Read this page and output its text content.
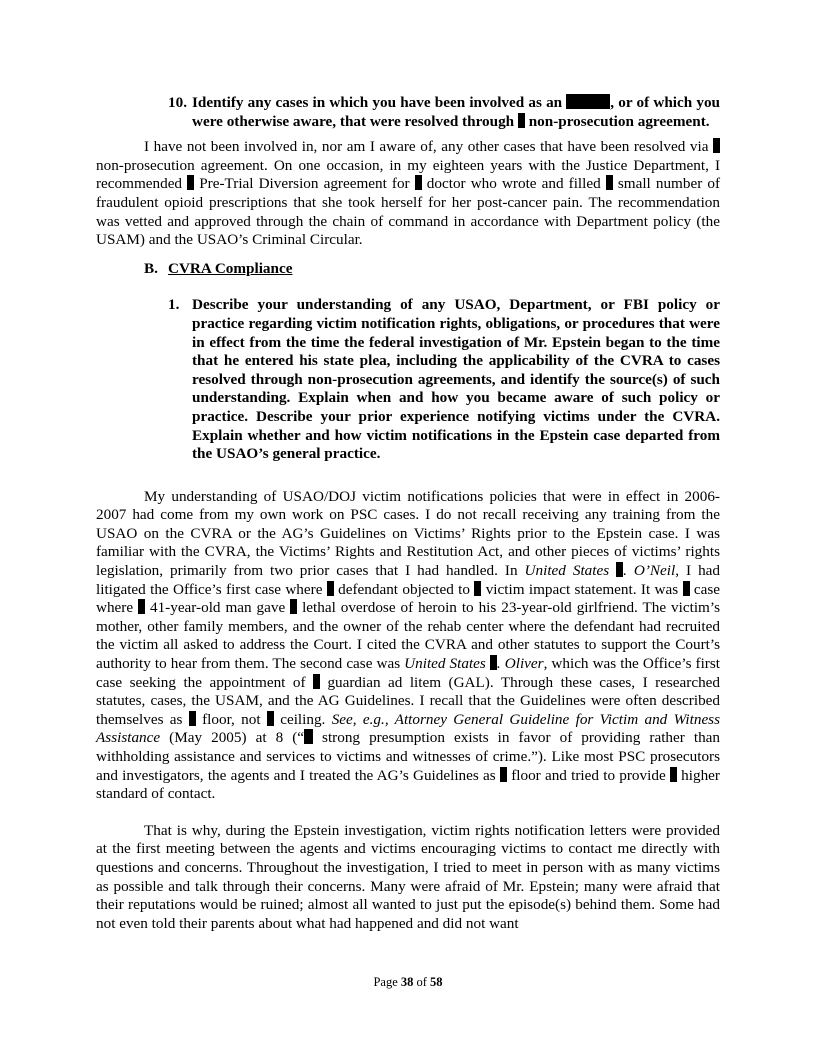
10. Identify any cases in which you have been involved as an	, or of which you were otherwise aware, that were resolved through  non-prosecution agreement.

I have not been involved in, nor am I aware of, any other cases that have been resolved via  non-prosecution agreement. On one occasion, in my eighteen years with the Justice Department, I recommended  Pre-Trial Diversion agreement for  doctor who wrote and filled  small number of fraudulent opioid prescriptions that she took herself for her post-cancer pain. The recommendation was vetted and approved through the chain of command in accordance with Department policy (the USAM) and the USAO’s Criminal Circular.

B. CVRA Compliance
1. Describe your understanding of any USAO, Department, or FBI policy or practice regarding victim notification rights, obligations, or procedures that were in effect from the time the federal investigation of Mr. Epstein began to the time that he entered his state plea, including the applicability of the CVRA to cases resolved through non-prosecution agreements, and identify the source(s) of such understanding. Explain when and how you became aware of such policy or practice. Describe your prior experience notifying victims under the CVRA. Explain whether and how victim notifications in the Epstein case departed from the USAO’s general practice.

My understanding of USAO/DOJ victim notifications policies that were in effect in 2006-2007 had come from my own work on PSC cases. I do not recall receiving any training from the USAO on the CVRA or the AG’s Guidelines on Victims’ Rights prior to the Epstein case. I was familiar with the CVRA, the Victims’ Rights and Restitution Act, and other pieces of victims’ rights legislation, primarily from two prior cases that I had handled. In United States . O’Neil, I had litigated the Office’s first case where  defendant objected to  victim impact statement. It was  case where  41-year-old man gave  lethal overdose of heroin to his 23-year-old girlfriend. The victim’s mother, other family members, and the owner of the rehab center where the defendant had recruited the victim all asked to address the Court. I cited the CVRA and other statutes to support the Court’s authority to hear from them. The second case was United States . Oliver, which was the Office’s first case seeking the appointment of  guardian ad litem (GAL). Through these cases, I researched statutes, cases, the USAM, and the AG Guidelines. I recall that the Guidelines were often described themselves as  floor, not  ceiling. See, e.g., Attorney General Guideline for Victim and Witness Assistance (May 2005) at 8 (“ strong presumption exists in favor of providing rather than withholding assistance and services to victims and witnesses of crime.”). Like most PSC prosecutors and investigators, the agents and I treated the AG’s Guidelines as  floor and tried to provide  higher standard of contact.

That is why, during the Epstein investigation, victim rights notification letters were provided at the first meeting between the agents and victims encouraging victims to contact me directly with questions and concerns. Throughout the investigation, I tried to meet in person with as many victims as possible and talk through their concerns. Many were afraid of Mr. Epstein; many were afraid that their reputations would be ruined; almost all wanted to just put the episode(s) behind them. Some had not even told their parents about what had happened and did not want

Page 38 of 58
